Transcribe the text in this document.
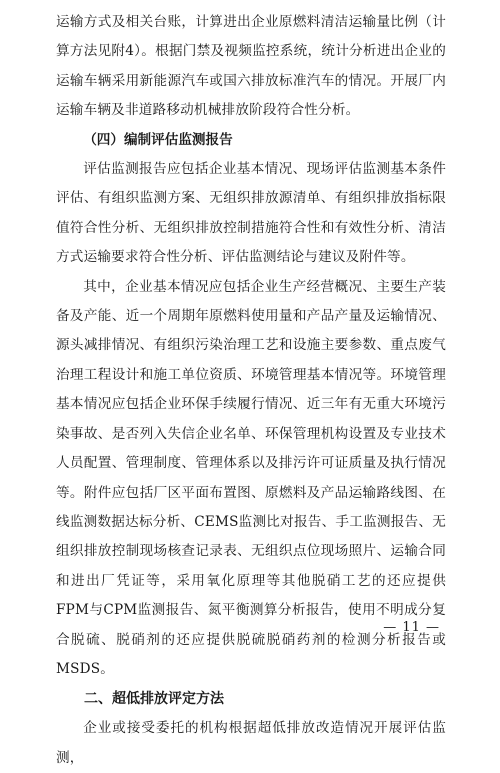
运输方式及相关台账，计算进出企业原燃料清洁运输量比例（计算方法见附4）。根据门禁及视频监控系统，统计分析进出企业的运输车辆采用新能源汽车或国六排放标准汽车的情况。开展厂内运输车辆及非道路移动机械排放阶段符合性分析。

（四）编制评估监测报告

评估监测报告应包括企业基本情况、现场评估监测基本条件评估、有组织监测方案、无组织排放源清单、有组织排放指标限值符合性分析、无组织排放控制措施符合性和有效性分析、清洁方式运输要求符合性分析、评估监测结论与建议及附件等。

其中，企业基本情况应包括企业生产经营概况、主要生产装备及产能、近一个周期年原燃料使用量和产品产量及运输情况、源头减排情况、有组织污染治理工艺和设施主要参数、重点废气治理工程设计和施工单位资质、环境管理基本情况等。环境管理基本情况应包括企业环保手续履行情况、近三年有无重大环境污染事故、是否列入失信企业名单、环保管理机构设置及专业技术人员配置、管理制度、管理体系以及排污许可证质量及执行情况等。附件应包括厂区平面布置图、原燃料及产品运输路线图、在线监测数据达标分析、CEMS监测比对报告、手工监测报告、无组织排放控制现场核查记录表、无组织点位现场照片、运输合同和进出厂凭证等，采用氧化原理等其他脱硝工艺的还应提供FPM与CPM监测报告、氮平衡测算分析报告，使用不明成分复合脱硫、脱硝剂的还应提供脱硫脱硝药剂的检测分析报告或MSDS。

二、超低排放评定方法

企业或接受委托的机构根据超低排放改造情况开展评估监测，

— 11 —
